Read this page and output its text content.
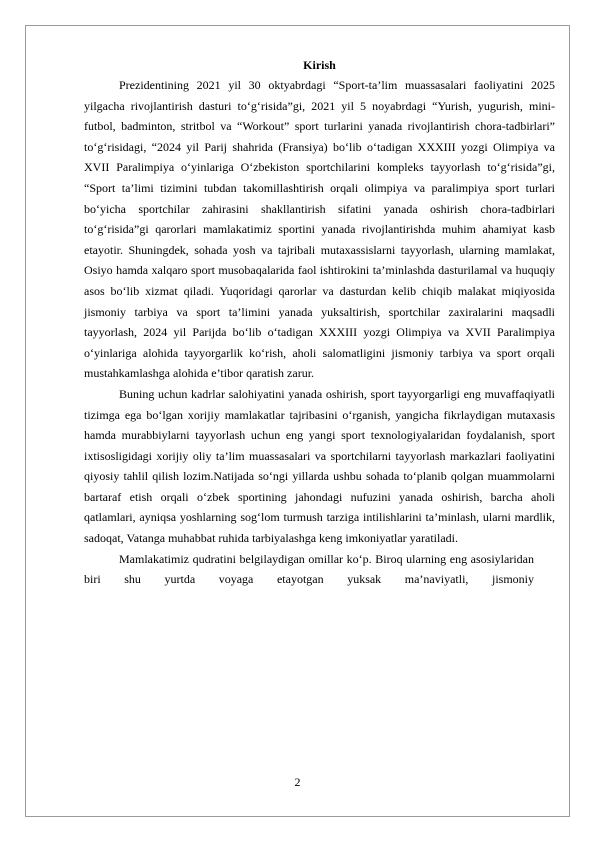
Kirish

Prezidentining 2021 yil 30 oktyabrdagi “Sport-ta’lim muassasalari faoliyatini 2025 yilgacha rivojlantirish dasturi to‘g‘risida”gi, 2021 yil 5 noyabrdagi “Yurish, yugurish, mini-futbol, badminton, stritbol va “Workout” sport turlarini yanada rivojlantirish chora-tadbirlari” to‘g‘risidagi, “2024 yil Parij shahrida (Fransiya) bo‘lib o‘tadigan XXXIII yozgi Olimpiya va XVII Paralimpiya o‘yinlariga O‘zbekiston sportchilarini kompleks tayyorlash to‘g‘risida”gi, “Sport ta’limi tizimini tubdan takomillashtirish orqali olimpiya va paralimpiya sport turlari bo‘yicha sportchilar zahirasini shakllantirish sifatini yanada oshirish chora-tadbirlari to‘g‘risida”gi qarorlari mamlakatimiz sportini yanada rivojlantirishda muhim ahamiyat kasb etayotir. Shuningdek, sohada yosh va tajribali mutaxassislarni tayyorlash, ularning mamlakat, Osiyo hamda xalqaro sport musobaqalarida faol ishtirokini ta’minlashda dasturilamal va huquqiy asos bo‘lib xizmat qiladi. Yuqoridagi qarorlar va dasturdan kelib chiqib malakat miqiyosida jismoniy tarbiya va sport ta’limini yanada yuksaltirish, sportchilar zaxiralarini maqsadli tayyorlash, 2024 yil Parijda bo‘lib o‘tadigan XXXIII yozgi Olimpiya va XVII Paralimpiya o‘yinlariga alohida tayyorgarlik ko‘rish, aholi salomatligini jismoniy tarbiya va sport orqali mustahkamlashga alohida e’tibor qaratish zarur.

Buning uchun kadrlar salohiyatini yanada oshirish, sport tayyorgarligi eng muvaffaqiyatli tizimga ega bo‘lgan xorijiy mamlakatlar tajribasini o‘rganish, yangicha fikrlaydigan mutaxasis hamda murabbiylarni tayyorlash uchun eng yangi sport texnologiyalaridan foydalanish, sport ixtisosligidagi xorijiy oliy ta’lim muassasalari va sportchilarni tayyorlash markazlari faoliyatini qiyosiy tahlil qilish lozim.Natijada so‘ngi yillarda ushbu sohada to‘planib qolgan muammolarni bartaraf etish orqali o‘zbek sportining jahondagi nufuzini yanada oshirish, barcha aholi qatlamlari, ayniqsa yoshlarning sog‘lom turmush tarziga intilishlarini ta’minlash, ularni mardlik, sadoqat, Vatanga muhabbat ruhida tarbiyalashga keng imkoniyatlar yaratiladi.

Mamlakatimiz qudratini belgilaydigan omillar ko‘p. Biroq ularning eng asosiylaridan biri shu yurtda voyaga etayotgan yuksak ma’naviyatli, jismoniy

2
